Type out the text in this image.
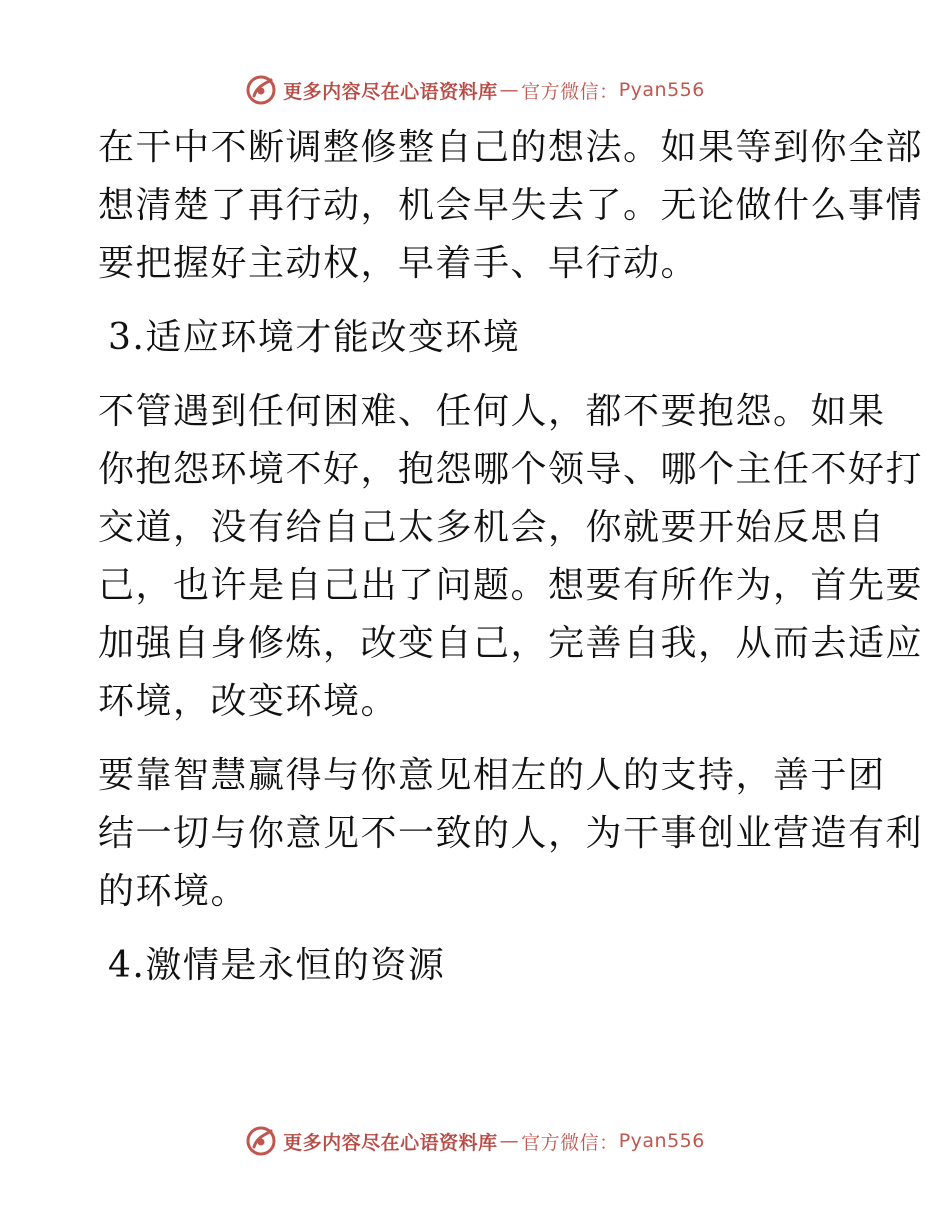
更多内容尽在心语资料库 — 官方微信： Pyan556
在干中不断调整修整自己的想法。如果等到你全部
想清楚了再行动，机会早失去了。无论做什么事情
要把握好主动权，早着手、早行动。
3.适应环境才能改变环境
不管遇到任何困难、任何人，都不要抱怨。如果
你抱怨环境不好，抱怨哪个领导、哪个主任不好打
交道，没有给自己太多机会，你就要开始反思自
己，也许是自己出了问题。想要有所作为，首先要
加强自身修炼，改变自己，完善自我，从而去适应
环境，改变环境。
要靠智慧赢得与你意见相左的人的支持，善于团
结一切与你意见不一致的人，为干事创业营造有利
的环境。
4.激情是永恒的资源
更多内容尽在心语资料库 — 官方微信： Pyan556
